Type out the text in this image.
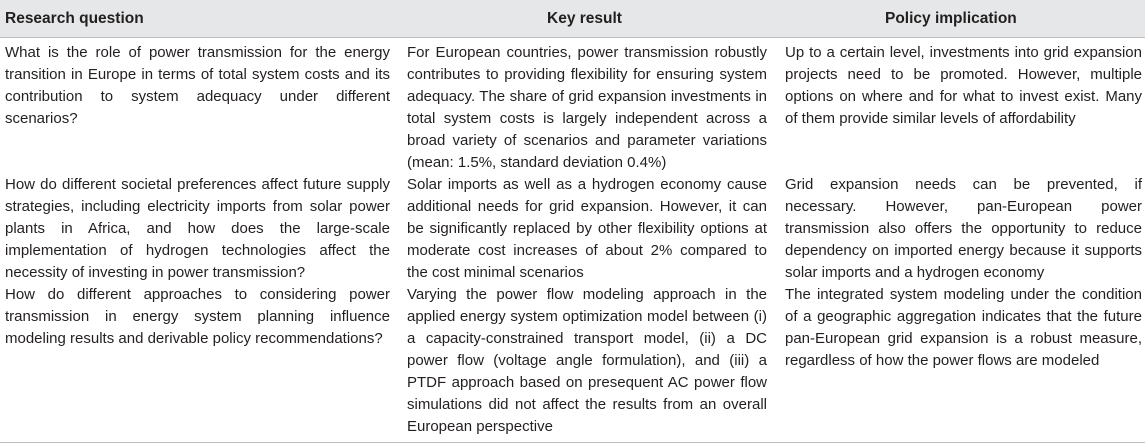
Research question	Key result	Policy implication
What is the role of power transmission for the energy transition in Europe in terms of total system costs and its contribution to system adequacy under different scenarios?
For European countries, power transmission robustly contributes to providing flexibility for ensuring system adequacy. The share of grid expansion investments in total system costs is largely independent across a broad variety of scenarios and parameter variations (mean: 1.5%, standard deviation 0.4%)
Up to a certain level, investments into grid expansion projects need to be promoted. However, multiple options on where and for what to invest exist. Many of them provide similar levels of affordability
How do different societal preferences affect future supply strategies, including electricity imports from solar power plants in Africa, and how does the large-scale implementation of hydrogen technologies affect the necessity of investing in power transmission?
Solar imports as well as a hydrogen economy cause additional needs for grid expansion. However, it can be significantly replaced by other flexibility options at moderate cost increases of about 2% compared to the cost minimal scenarios
Grid expansion needs can be prevented, if necessary. However, pan-European power transmission also offers the opportunity to reduce dependency on imported energy because it supports solar imports and a hydrogen economy
How do different approaches to considering power transmission in energy system planning influence modeling results and derivable policy recommendations?
Varying the power flow modeling approach in the applied energy system optimization model between (i) a capacity-constrained transport model, (ii) a DC power flow (voltage angle formulation), and (iii) a PTDF approach based on presequent AC power flow simulations did not affect the results from an overall European perspective
The integrated system modeling under the condition of a geographic aggregation indicates that the future pan-European grid expansion is a robust measure, regardless of how the power flows are modeled
